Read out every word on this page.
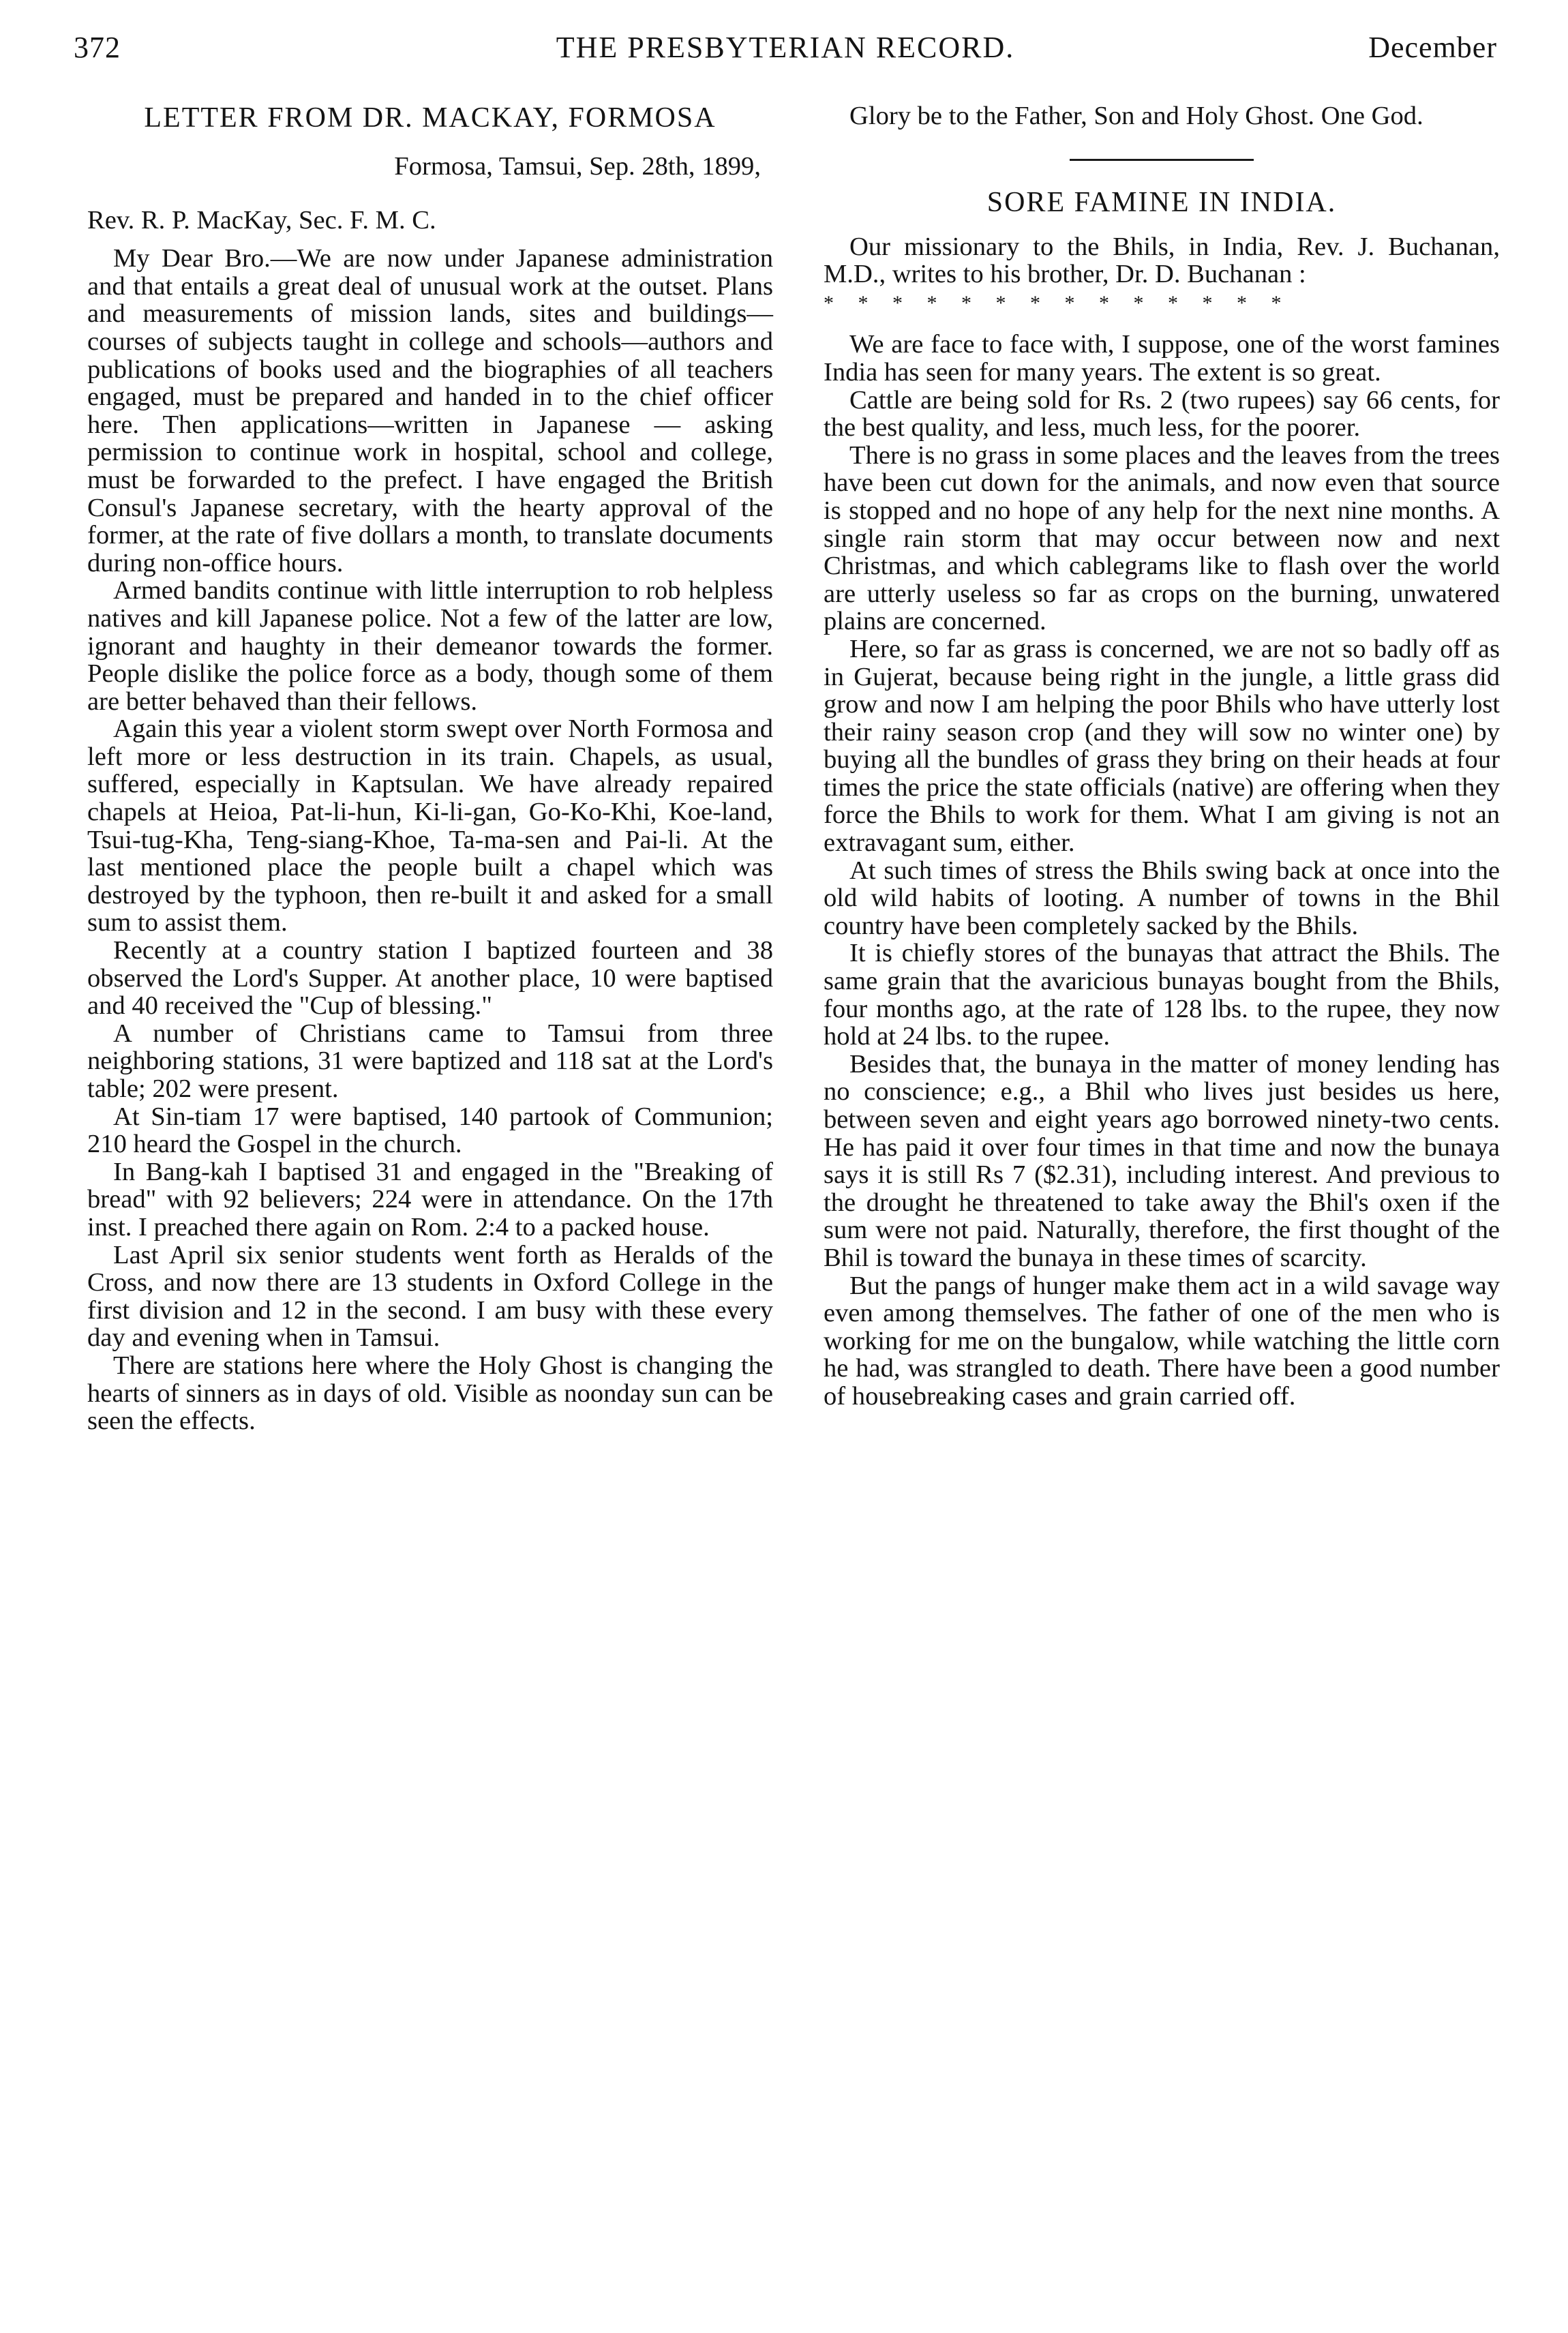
372	THE PRESBYTERIAN RECORD.	December
LETTER FROM DR. MACKAY, FORMOSA
Formosa, Tamsui, Sep. 28th, 1899,
Rev. R. P. MacKay, Sec. F. M. C.

My Dear Bro.—We are now under Japanese administration and that entails a great deal of unusual work at the outset. Plans and measurements of mission lands, sites and buildings—courses of subjects taught in college and schools—authors and publications of books used and the biographies of all teachers engaged, must be prepared and handed in to the chief officer here. Then applications—written in Japanese — asking permission to continue work in hospital, school and college, must be forwarded to the prefect. I have engaged the British Consul's Japanese secretary, with the hearty approval of the former, at the rate of five dollars a month, to translate documents during non-office hours.

Armed bandits continue with little interruption to rob helpless natives and kill Japanese police. Not a few of the latter are low, ignorant and haughty in their demeanor towards the former. People dislike the police force as a body, though some of them are better behaved than their fellows.

Again this year a violent storm swept over North Formosa and left more or less destruction in its train. Chapels, as usual, suffered, especially in Kaptsulan. We have already repaired chapels at Heioa, Pat-li-hun, Ki-li-gan, Go-Ko-Khi, Koe-land, Tsui-tug-Kha, Teng-siang-Khoe, Ta-ma-sen and Pai-li. At the last mentioned place the people built a chapel which was destroyed by the typhoon, then re-built it and asked for a small sum to assist them.

Recently at a country station I baptized fourteen and 38 observed the Lord's Supper. At another place, 10 were baptised and 40 received the "Cup of blessing."

A number of Christians came to Tamsui from three neighboring stations, 31 were baptized and 118 sat at the Lord's table; 202 were present.

At Sin-tiam 17 were baptised, 140 partook of Communion; 210 heard the Gospel in the church.

In Bang-kah I baptised 31 and engaged in the "Breaking of bread" with 92 believers; 224 were in attendance. On the 17th inst. I preached there again on Rom. 2:4 to a packed house.

Last April six senior students went forth as Heralds of the Cross, and now there are 13 students in Oxford College in the first division and 12 in the second. I am busy with these every day and evening when in Tamsui.

There are stations here where the Holy Ghost is changing the hearts of sinners as in days of old. Visible as noonday sun can be seen the effects.

Glory be to the Father, Son and Holy Ghost. One God.

SORE FAMINE IN INDIA.

Our missionary to the Bhils, in India, Rev. J. Buchanan, M.D., writes to his brother, Dr. D. Buchanan :

* * * * * * * * * * * * * *

We are face to face with, I suppose, one of the worst famines India has seen for many years. The extent is so great.

Cattle are being sold for Rs. 2 (two rupees) say 66 cents, for the best quality, and less, much less, for the poorer.

There is no grass in some places and the leaves from the trees have been cut down for the animals, and now even that source is stopped and no hope of any help for the next nine months. A single rain storm that may occur between now and next Christmas, and which cablegrams like to flash over the world are utterly useless so far as crops on the burning, unwatered plains are concerned.

Here, so far as grass is concerned, we are not so badly off as in Gujerat, because being right in the jungle, a little grass did grow and now I am helping the poor Bhils who have utterly lost their rainy season crop (and they will sow no winter one) by buying all the bundles of grass they bring on their heads at four times the price the state officials (native) are offering when they force the Bhils to work for them. What I am giving is not an extravagant sum, either.

At such times of stress the Bhils swing back at once into the old wild habits of looting. A number of towns in the Bhil country have been completely sacked by the Bhils.

It is chiefly stores of the bunayas that attract the Bhils. The same grain that the avaricious bunayas bought from the Bhils, four months ago, at the rate of 128 lbs. to the rupee, they now hold at 24 lbs. to the rupee.

Besides that, the bunaya in the matter of money lending has no conscience; e.g., a Bhil who lives just besides us here, between seven and eight years ago borrowed ninety-two cents. He has paid it over four times in that time and now the bunaya says it is still Rs 7 ($2.31), including interest. And previous to the drought he threatened to take away the Bhil's oxen if the sum were not paid. Naturally, therefore, the first thought of the Bhil is toward the bunaya in these times of scarcity.

But the pangs of hunger make them act in a wild savage way even among themselves. The father of one of the men who is working for me on the bungalow, while watching the little corn he had, was strangled to death. There have been a good number of housebreaking cases and grain carried off.
